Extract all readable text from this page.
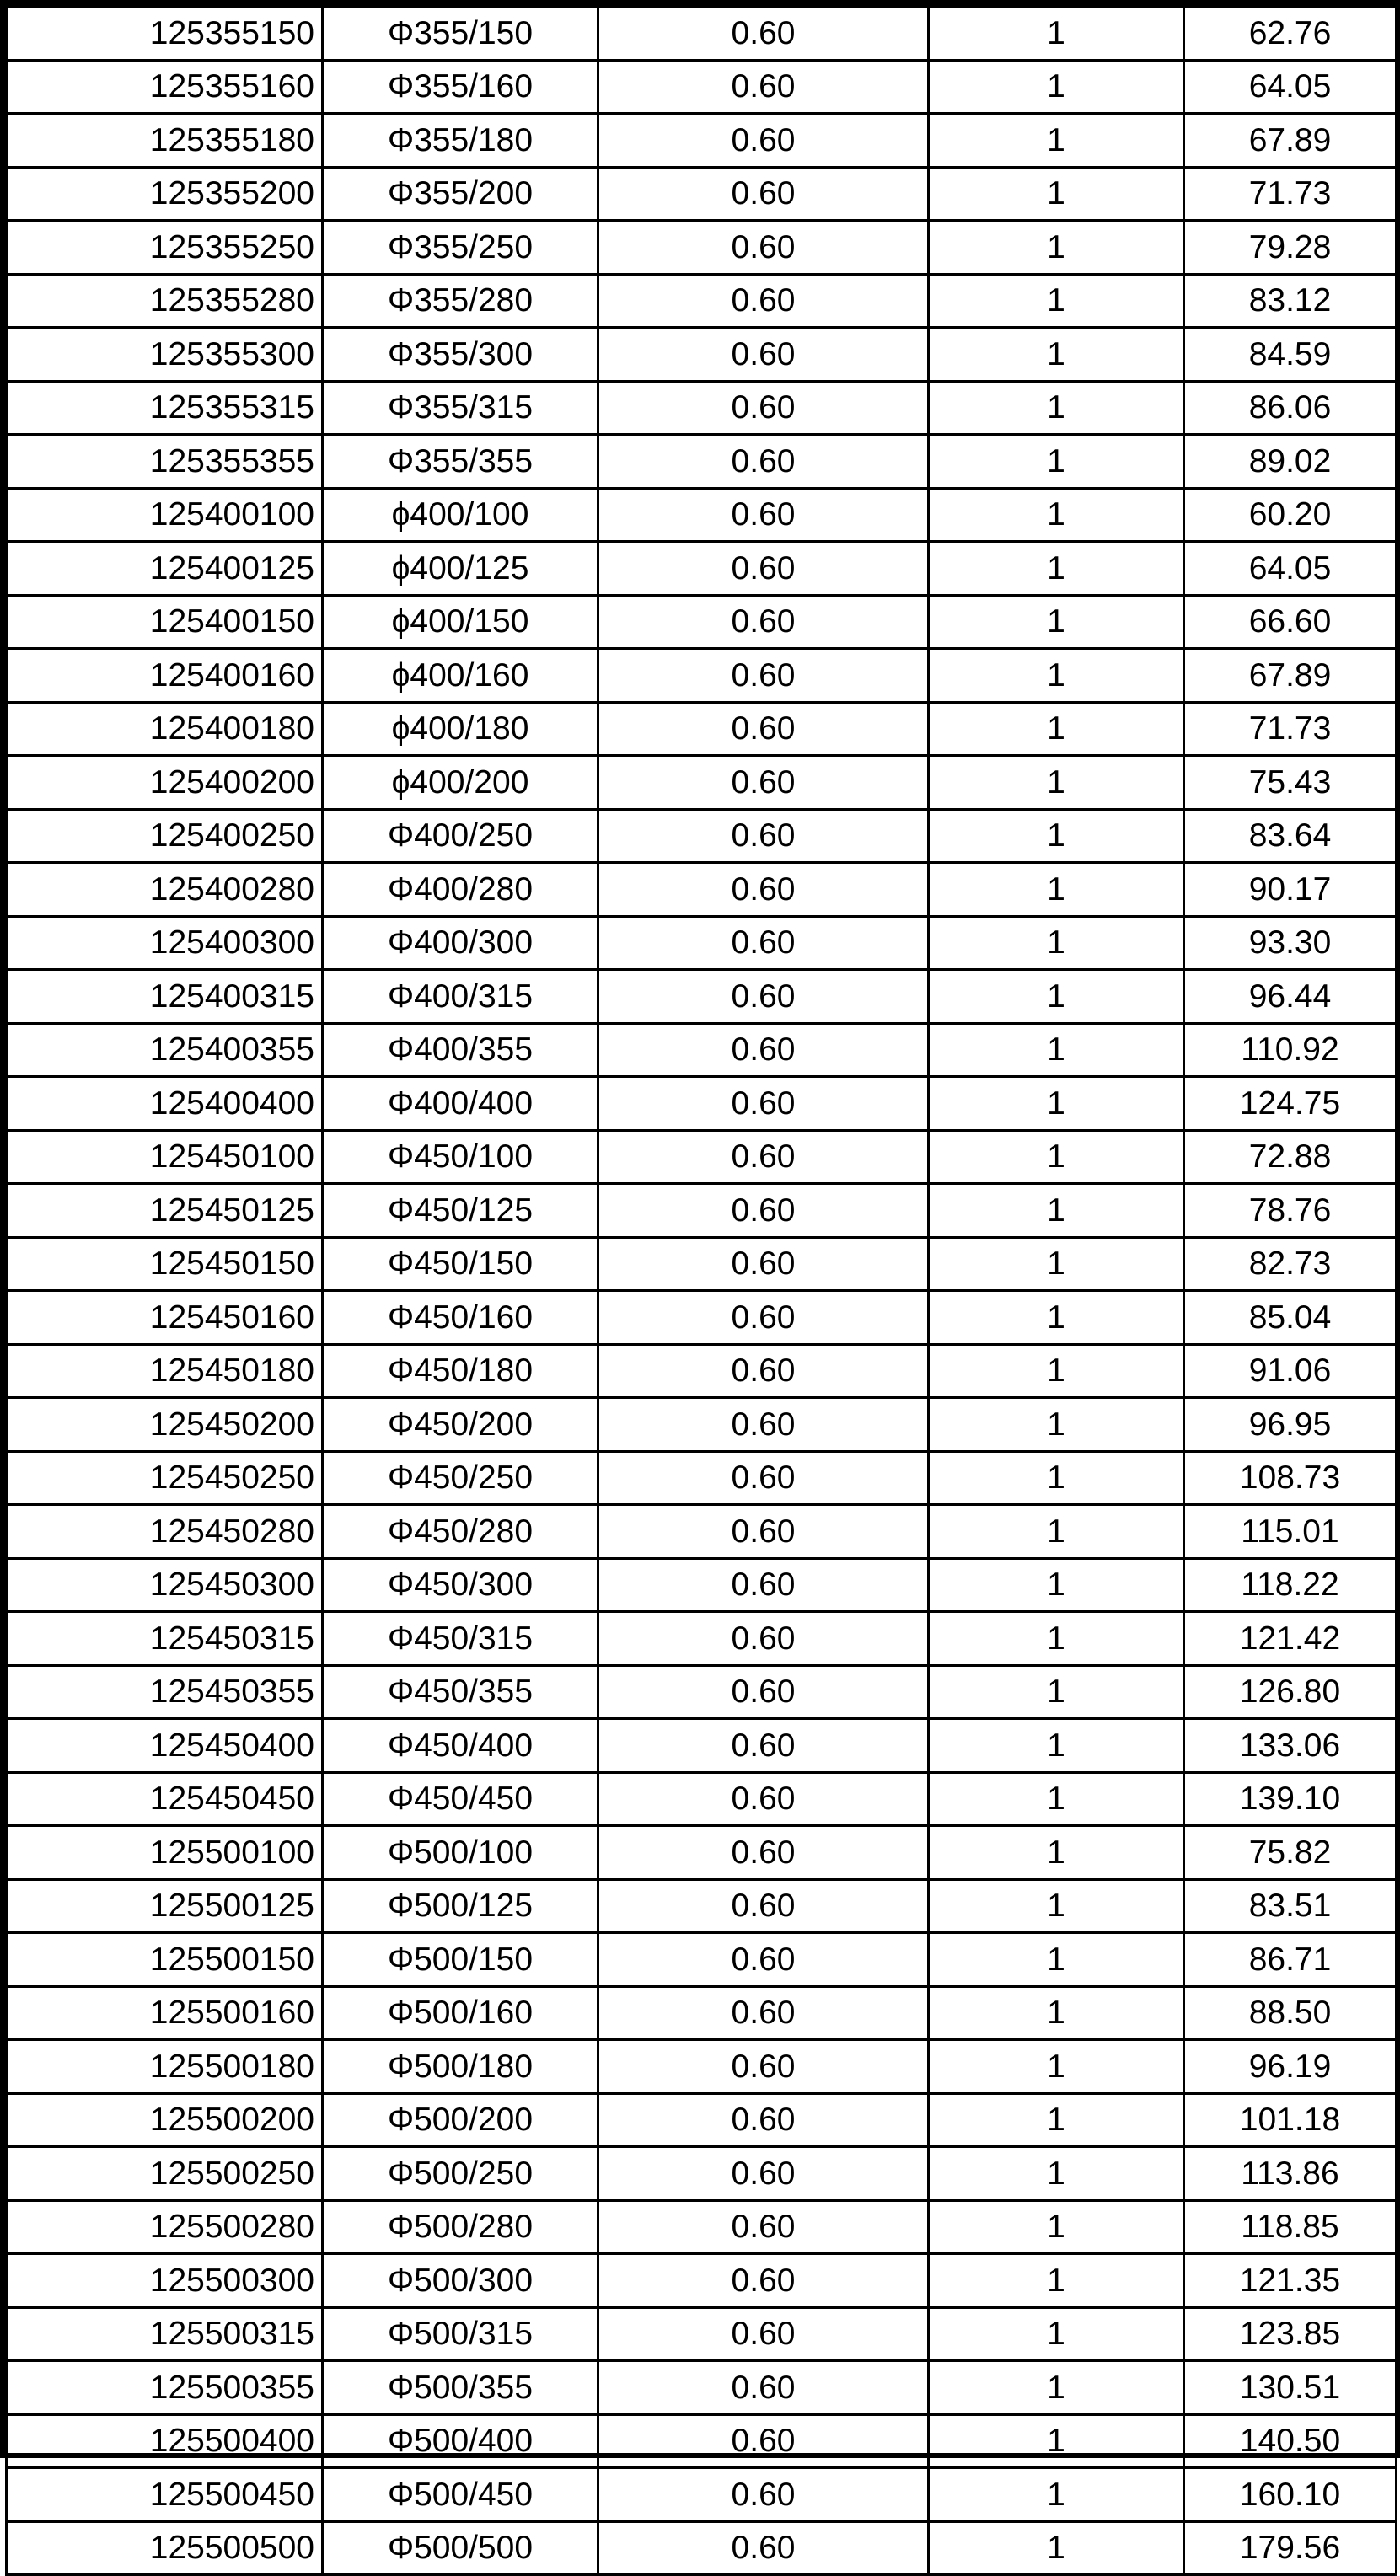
125355150	Φ355/150	0.60	1	62.76
125355160	Φ355/160	0.60	1	64.05
125355180	Φ355/180	0.60	1	67.89
125355200	Φ355/200	0.60	1	71.73
125355250	Φ355/250	0.60	1	79.28
125355280	Φ355/280	0.60	1	83.12
125355300	Φ355/300	0.60	1	84.59
125355315	Φ355/315	0.60	1	86.06
125355355	Φ355/355	0.60	1	89.02
125400100	ϕ400/100	0.60	1	60.20
125400125	ϕ400/125	0.60	1	64.05
125400150	ϕ400/150	0.60	1	66.60
125400160	ϕ400/160	0.60	1	67.89
125400180	ϕ400/180	0.60	1	71.73
125400200	ϕ400/200	0.60	1	75.43
125400250	Φ400/250	0.60	1	83.64
125400280	Φ400/280	0.60	1	90.17
125400300	Φ400/300	0.60	1	93.30
125400315	Φ400/315	0.60	1	96.44
125400355	Φ400/355	0.60	1	110.92
125400400	Φ400/400	0.60	1	124.75
125450100	Φ450/100	0.60	1	72.88
125450125	Φ450/125	0.60	1	78.76
125450150	Φ450/150	0.60	1	82.73
125450160	Φ450/160	0.60	1	85.04
125450180	Φ450/180	0.60	1	91.06
125450200	Φ450/200	0.60	1	96.95
125450250	Φ450/250	0.60	1	108.73
125450280	Φ450/280	0.60	1	115.01
125450300	Φ450/300	0.60	1	118.22
125450315	Φ450/315	0.60	1	121.42
125450355	Φ450/355	0.60	1	126.80
125450400	Φ450/400	0.60	1	133.06
125450450	Φ450/450	0.60	1	139.10
125500100	Φ500/100	0.60	1	75.82
125500125	Φ500/125	0.60	1	83.51
125500150	Φ500/150	0.60	1	86.71
125500160	Φ500/160	0.60	1	88.50
125500180	Φ500/180	0.60	1	96.19
125500200	Φ500/200	0.60	1	101.18
125500250	Φ500/250	0.60	1	113.86
125500280	Φ500/280	0.60	1	118.85
125500300	Φ500/300	0.60	1	121.35
125500315	Φ500/315	0.60	1	123.85
125500355	Φ500/355	0.60	1	130.51
125500400	Φ500/400	0.60	1	140.50
125500450	Φ500/450	0.60	1	160.10
125500500	Φ500/500	0.60	1	179.56
